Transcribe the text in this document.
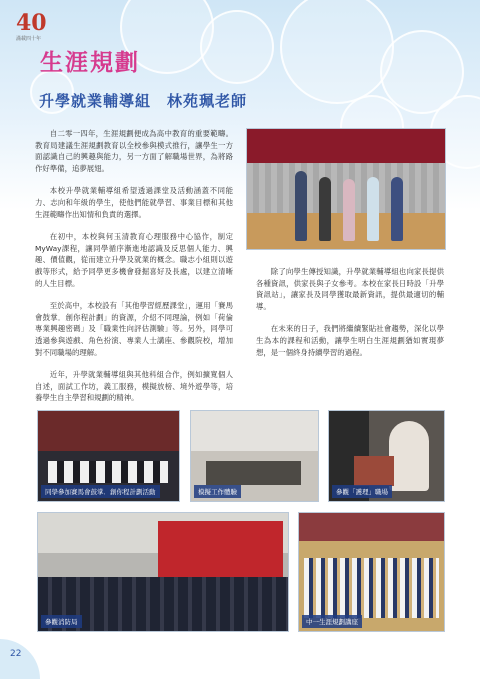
40
滿載四十年
生涯規劃
升學就業輔導組　林苑珮老師

自二零一四年，生涯規劃便成為高中教育的重要範疇。教育局建議生涯規劃教育以全校參與模式推行，讓學生一方面認識自己的興趣與能力，另一方面了解職場世界，為將路作好準備，追夢展翅。

本校升學就業輔導組希望透過課堂及活動涵蓋不同能力、志向和年級的學生，使他們能就學習、事業目標和其他生涯範疇作出知情和負責的選擇。

在初中，本校與何玉清教育心理服務中心協作，制定MyWay課程，讓同學循序漸進地認識及反思個人能力、興趣、價值觀，從而建立升學及就業的概念。職志小組則以遊戲等形式，給予同學更多機會發掘喜好及長處，以建立清晰的人生目標。

至於高中，本校設有「其他學習經歷課堂」，運用「賽馬會鼓掌．創你程計劃」的資源，介紹不同理論，例如「荷倫專業興趣密碼」及「職業性向評估測驗」等。另外，同學可透過參與遊戲、角色扮演、專業人士講座、參觀院校，增加對不同職場的理解。

近年，升學就業輔導組與其他科組合作，例如擴寬個人自述，面試工作坊，義工服務，模擬放榜、境外遊學等，培養學生自主學習和規劃的精神。

除了向學生傳授知識，升學就業輔導組也向家長提供各種資訊，供家長與子女參考。本校在家長日時設「升學資訊站」，讓家長及同學獲取最新資訊，提供最適切的輔導。

在未來的日子，我們將繼續緊貼社會趨勢，深化以學生為本的課程和活動，讓學生明白生涯規劃猶如實現夢想，是一個終身持續學習的過程。

同學參加賽馬會鼓掌．創你程計劃活動	模擬工作體驗	參觀「護理」職場
參觀消防局	中一生涯規劃講座
22
